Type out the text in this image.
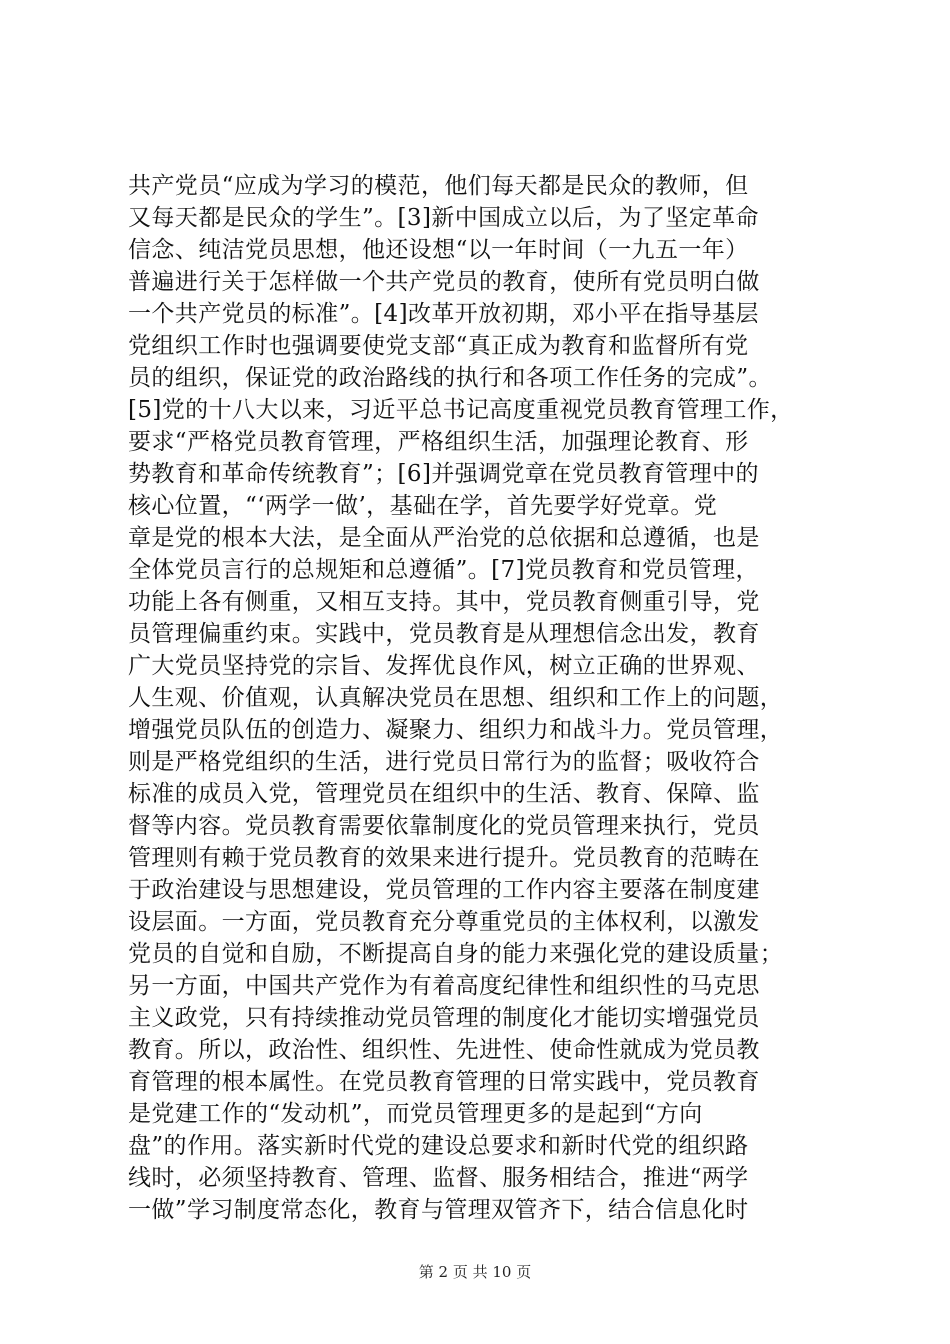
共产党员“应成为学习的模范，他们每天都是民众的教师，但
又每天都是民众的学生”。[3]新中国成立以后，为了坚定革命
信念、纯洁党员思想，他还设想“以一年时间（一九五一年）
普遍进行关于怎样做一个共产党员的教育，使所有党员明白做
一个共产党员的标准”。[4]改革开放初期，邓小平在指导基层
党组织工作时也强调要使党支部“真正成为教育和监督所有党
员的组织，保证党的政治路线的执行和各项工作任务的完成”。
[5]党的十八大以来，习近平总书记高度重视党员教育管理工作，
要求“严格党员教育管理，严格组织生活，加强理论教育、形
势教育和革命传统教育”；[6]并强调党章在党员教育管理中的
核心位置，“‘两学一做’，基础在学，首先要学好党章。党
章是党的根本大法，是全面从严治党的总依据和总遵循，也是
全体党员言行的总规矩和总遵循”。[7]党员教育和党员管理，
功能上各有侧重，又相互支持。其中，党员教育侧重引导，党
员管理偏重约束。实践中，党员教育是从理想信念出发，教育
广大党员坚持党的宗旨、发挥优良作风，树立正确的世界观、
人生观、价值观，认真解决党员在思想、组织和工作上的问题，
增强党员队伍的创造力、凝聚力、组织力和战斗力。党员管理，
则是严格党组织的生活，进行党员日常行为的监督；吸收符合
标准的成员入党，管理党员在组织中的生活、教育、保障、监
督等内容。党员教育需要依靠制度化的党员管理来执行，党员
管理则有赖于党员教育的效果来进行提升。党员教育的范畴在
于政治建设与思想建设，党员管理的工作内容主要落在制度建
设层面。一方面，党员教育充分尊重党员的主体权利，以激发
党员的自觉和自励，不断提高自身的能力来强化党的建设质量；
另一方面，中国共产党作为有着高度纪律性和组织性的马克思
主义政党，只有持续推动党员管理的制度化才能切实增强党员
教育。所以，政治性、组织性、先进性、使命性就成为党员教
育管理的根本属性。在党员教育管理的日常实践中，党员教育
是党建工作的“发动机”，而党员管理更多的是起到“方向
盘”的作用。落实新时代党的建设总要求和新时代党的组织路
线时，必须坚持教育、管理、监督、服务相结合，推进“两学
一做”学习制度常态化，教育与管理双管齐下，结合信息化时
第 2 页 共 10 页
